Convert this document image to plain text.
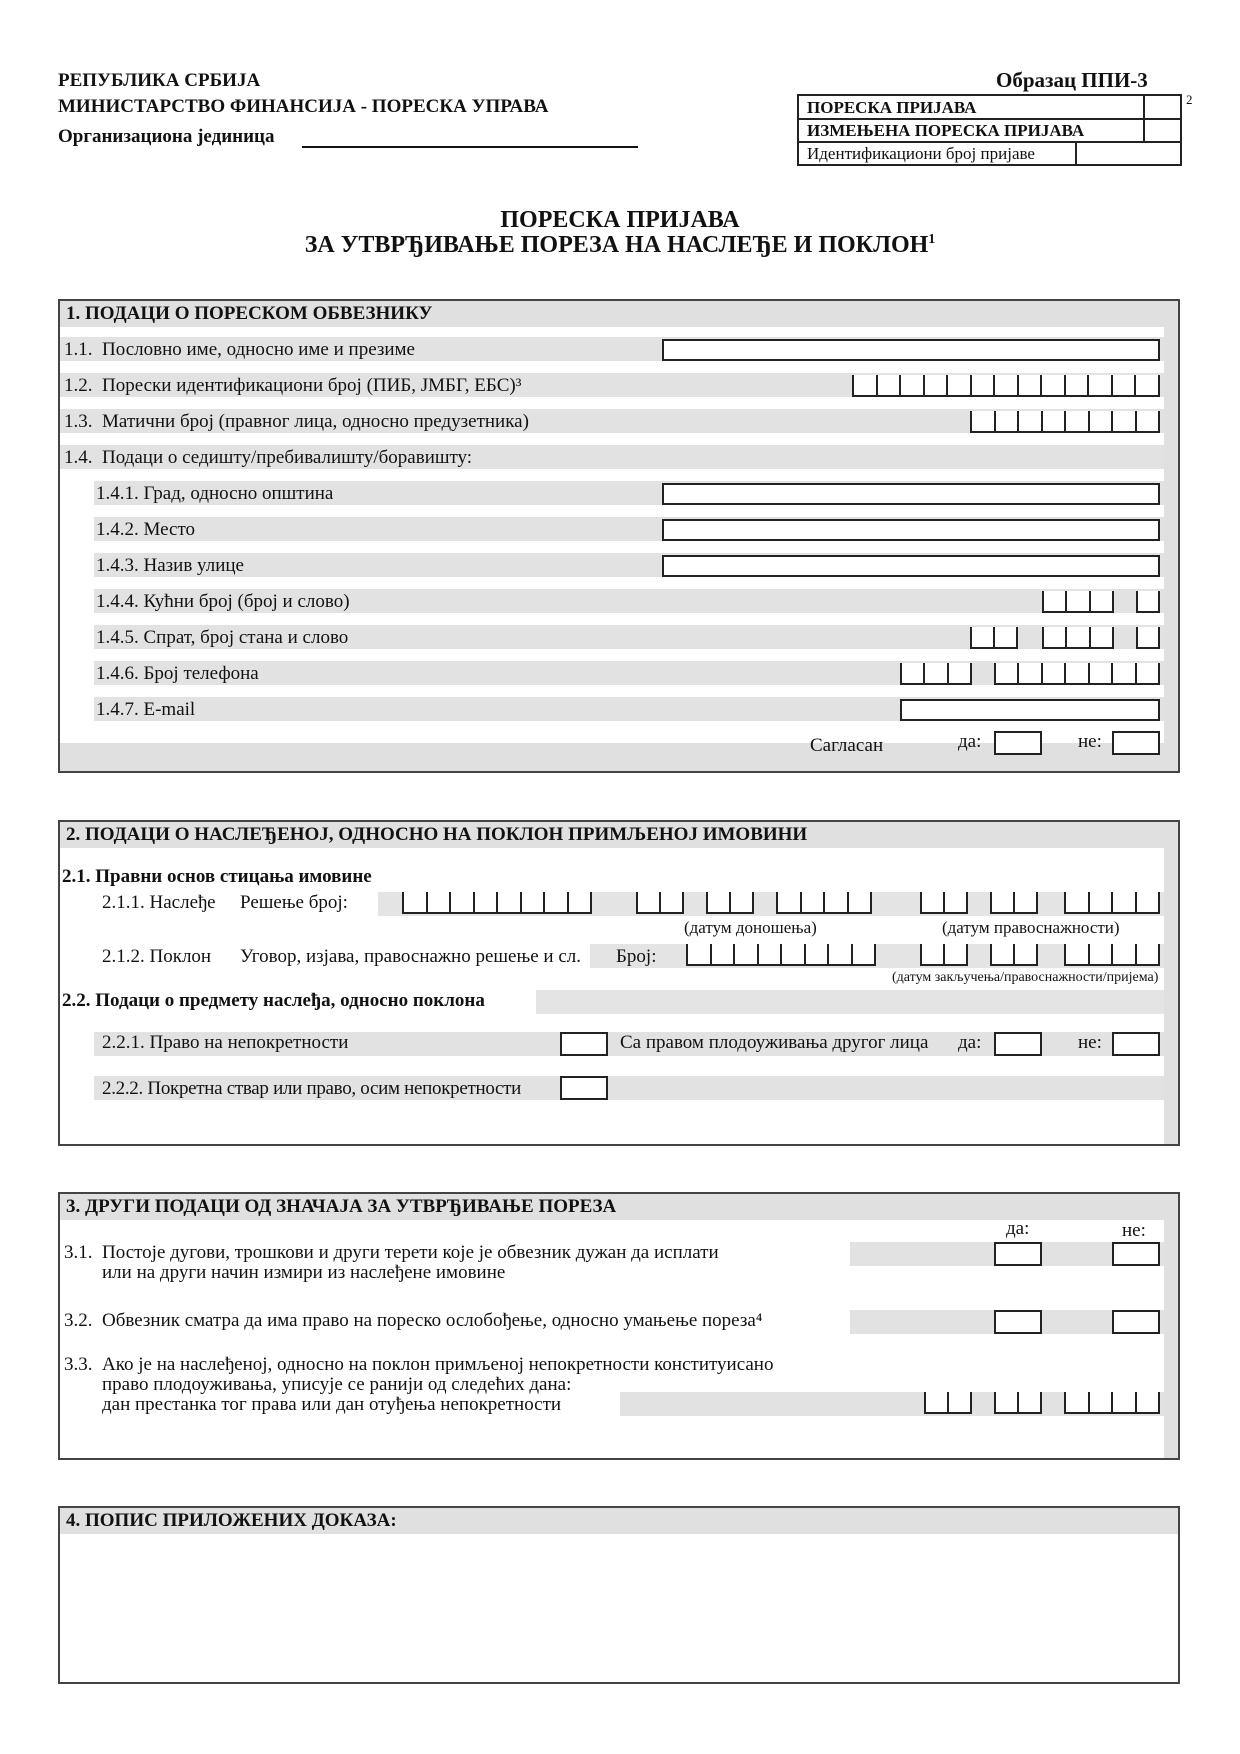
РЕПУБЛИКА СРБИЈА
МИНИСТАРСТВО ФИНАНСИЈА - ПОРЕСКА УПРАВА
Организациона јединица
Образац ППИ-3
ПОРЕСКА ПРИЈАВА
ИЗМЕЊЕНА ПОРЕСКА ПРИЈАВА
Идентификациони број пријаве
2
ПОРЕСКА ПРИЈАВА
ЗА УТВРЂИВАЊЕ ПОРЕЗА НА НАСЛЕЂЕ И ПОКЛОН$^1$
1. ПОДАЦИ О ПОРЕСКОМ ОБВЕЗНИКУ
1.1. Пословно име, односно име и презиме
1.2. Порески идентификациони број (ПИБ, ЈМБГ, ЕБС)³
1.3. Матични број (правног лица, односно предузетника)
1.4. Подаци о седишту/пребивалишту/боравишту:
1.4.1. Град, односно општина
1.4.2. Место
1.4.3. Назив улице
1.4.4. Кућни број (број и слово)
1.4.5. Спрат, број стана и слово
1.4.6. Број телефона
1.4.7. E-mail
Сагласан	да:	не:
2. ПОДАЦИ О НАСЛЕЂЕНОЈ, ОДНОСНО НА ПОКЛОН ПРИМЉЕНОЈ ИМОВИНИ
2.1. Правни основ стицања имовине
2.1.1. Наслеђе Решење број:
(датум доношења)	(датум правоснажности)
2.1.2. Поклон Уговор, изјава, правоснажно решење и сл. Број:
(датум закључења/правоснажности/пријема)
2.2. Подаци о предмету наслеђа, односно поклона
2.2.1. Право на непокретности	Са правом плодоуживања другог лица да:	не:
2.2.2. Покретна ствар или право, осим непокретности
3. ДРУГИ ПОДАЦИ ОД ЗНАЧАЈА ЗА УТВРЂИВАЊЕ ПОРЕЗА
да:	не:
3.1. Постоје дугови, трошкови и други терети које је обвезник дужан да исплати
или на други начин измири из наслеђене имовине
3.2. Обвезник сматра да има право на пореско ослобођење, односно умањење пореза⁴
3.3. Ако је на наслеђеној, односно на поклон примљеној непокретности конституисано
право плодоуживања, уписује се ранији од следећих дана:
дан престанка тог права или дан отуђења непокретности
4. ПОПИС ПРИЛОЖЕНИХ ДОКАЗА:
